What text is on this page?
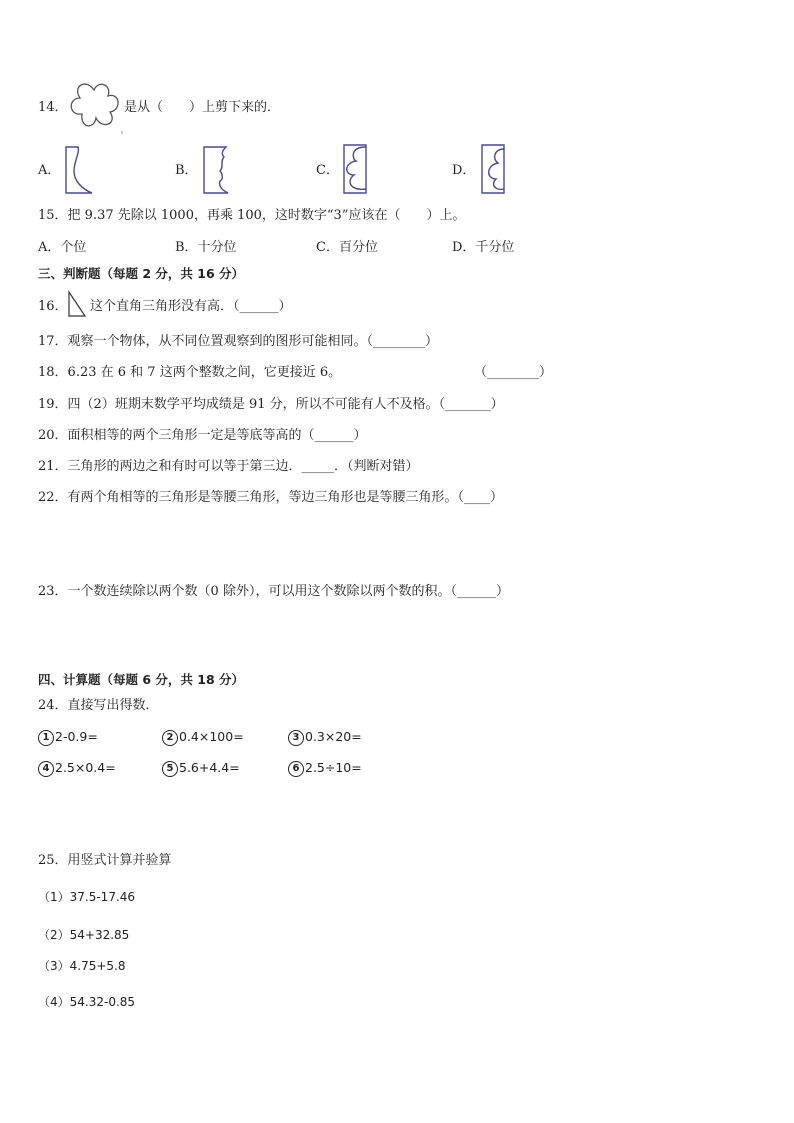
14．	是从（　　）上剪下来的．
A．	B．	C．	D．
15．把 9.37 先除以 1000，再乘 100，这时数字“3”应该在（　　）上。
A．个位	B．十分位	C．百分位	D．千分位
三、判断题（每题 2 分，共 16 分）
16． 这个直角三角形没有高．（______）
17．观察一个物体，从不同位置观察到的图形可能相同。（________）
18．6.23 在 6 和 7 这两个整数之间，它更接近 6。	（________）
19．四（2）班期末数学平均成绩是 91 分，所以不可能有人不及格。（_______）
20．面积相等的两个三角形一定是等底等高的（______）
21．三角形的两边之和有时可以等于第三边．_____．（判断对错）
22．有两个角相等的三角形是等腰三角形，等边三角形也是等腰三角形。（____）
23．一个数连续除以两个数（0 除外），可以用这个数除以两个数的积。（______）
四、计算题（每题 6 分，共 18 分）
24．直接写出得数．
1 2-0.9=	2 0.4×100=	3 0.3×20=
4 2.5×0.4=	5 5.6+4.4=	6 2.5÷10=
25．用竖式计算并验算
（1）37.5-17.46
（2）54+32.85
（3）4.75+5.8
（4）54.32-0.85
